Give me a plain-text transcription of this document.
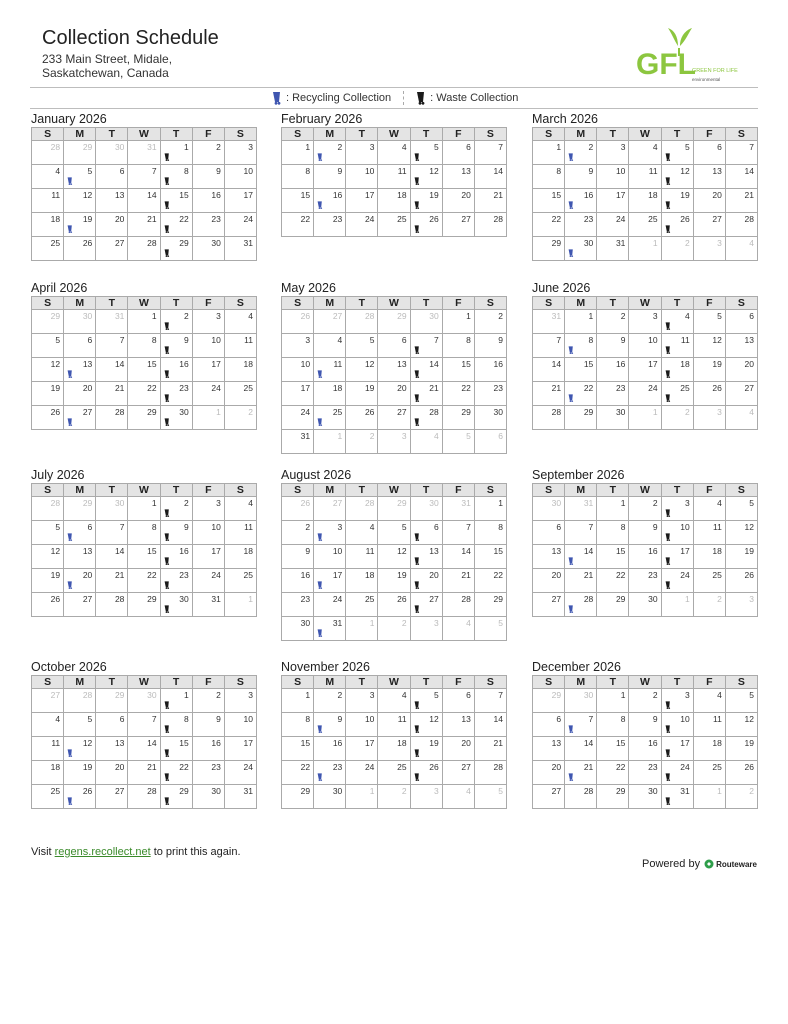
Collection Schedule
233 Main Street, Midale,
Saskatchewan, Canada	GFL
GREEN FOR LIFE
environmental
: Recycling Collection	: Waste Collection
January 2026
S	M	T	W	T	F	S

28	29	30	31	1	2	3

4	5	6	7	8	9	10

11	12	13	14	15	16	17

18	19	20	21	22	23	24

25	26	27	28	29	30	31
February 2026
S	M	T	W	T	F	S

1	2	3	4	5	6	7

8	9	10	11	12	13	14

15	16	17	18	19	20	21

22	23	24	25	26	27	28
March 2026
S	M	T	W	T	F	S

1	2	3	4	5	6	7

8	9	10	11	12	13	14

15	16	17	18	19	20	21

22	23	24	25	26	27	28

29	30	31	1	2	3	4
April 2026
S	M	T	W	T	F	S

29	30	31	1	2	3	4

5	6	7	8	9	10	11

12	13	14	15	16	17	18

19	20	21	22	23	24	25

26	27	28	29	30	1	2
May 2026
S	M	T	W	T	F	S

26	27	28	29	30	1	2

3	4	5	6	7	8	9

10	11	12	13	14	15	16

17	18	19	20	21	22	23

24	25	26	27	28	29	30

31	1	2	3	4	5	6
June 2026
S	M	T	W	T	F	S

31	1	2	3	4	5	6

7	8	9	10	11	12	13

14	15	16	17	18	19	20

21	22	23	24	25	26	27

28	29	30	1	2	3	4
July 2026
S	M	T	W	T	F	S

28	29	30	1	2	3	4

5	6	7	8	9	10	11

12	13	14	15	16	17	18

19	20	21	22	23	24	25

26	27	28	29	30	31	1
August 2026
S	M	T	W	T	F	S

26	27	28	29	30	31	1

2	3	4	5	6	7	8

9	10	11	12	13	14	15

16	17	18	19	20	21	22

23	24	25	26	27	28	29

30	31	1	2	3	4	5
September 2026
S	M	T	W	T	F	S

30	31	1	2	3	4	5

6	7	8	9	10	11	12

13	14	15	16	17	18	19

20	21	22	23	24	25	26

27	28	29	30	1	2	3
October 2026
S	M	T	W	T	F	S

27	28	29	30	1	2	3

4	5	6	7	8	9	10

11	12	13	14	15	16	17

18	19	20	21	22	23	24

25	26	27	28	29	30	31
November 2026
S	M	T	W	T	F	S

1	2	3	4	5	6	7

8	9	10	11	12	13	14

15	16	17	18	19	20	21

22	23	24	25	26	27	28

29	30	1	2	3	4	5
December 2026
S	M	T	W	T	F	S

29	30	1	2	3	4	5

6	7	8	9	10	11	12

13	14	15	16	17	18	19

20	21	22	23	24	25	26

27	28	29	30	31	1	2
Visit regens.recollect.net to print this again.
Powered by Routeware
